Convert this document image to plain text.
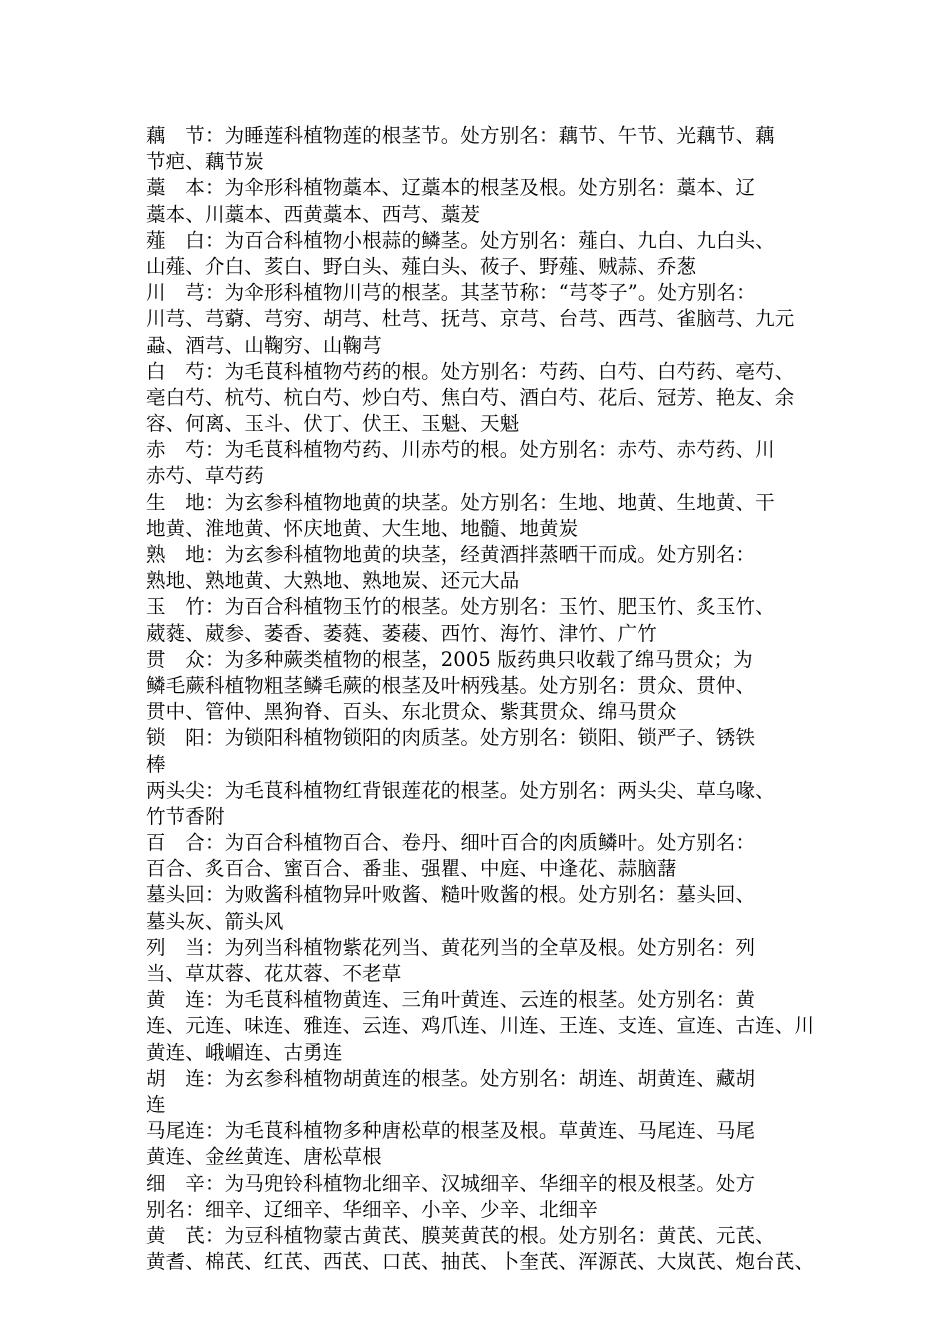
藕　节：为睡莲科植物莲的根茎节。处方别名：藕节、午节、光藕节、藕
节疤、藕节炭
藁　本：为伞形科植物藁本、辽藁本的根茎及根。处方别名：藁本、辽
藁本、川藁本、西黄藁本、西芎、藁茇
薤　白：为百合科植物小根蒜的鳞茎。处方别名：薤白、九白、九白头、
山薤、介白、荄白、野白头、薤白头、莜子、野薤、贼蒜、乔葱
川　芎：为伞形科植物川芎的根茎。其茎节称：“芎苓子”。处方别名：
川芎、芎藭、芎穷、胡芎、杜芎、抚芎、京芎、台芎、西芎、雀脑芎、九元
蝨、酒芎、山鞠穷、山鞠芎
白　芍：为毛茛科植物芍药的根。处方别名：芍药、白芍、白芍药、亳芍、
亳白芍、杭芍、杭白芍、炒白芍、焦白芍、酒白芍、花后、冠芳、艳友、余
容、何离、玉斗、伏丁、伏王、玉魁、天魁
赤　芍：为毛茛科植物芍药、川赤芍的根。处方别名：赤芍、赤芍药、川
赤芍、草芍药
生　地：为玄参科植物地黄的块茎。处方别名：生地、地黄、生地黄、干
地黄、淮地黄、怀庆地黄、大生地、地髓、地黄炭
熟　地：为玄参科植物地黄的块茎，经黄酒拌蒸晒干而成。处方别名：
熟地、熟地黄、大熟地、熟地炭、还元大品
玉　竹：为百合科植物玉竹的根茎。处方别名：玉竹、肥玉竹、炙玉竹、
葳蕤、葳参、萎香、萎蕤、萎薐、西竹、海竹、津竹、广竹
贯　众：为多种蕨类植物的根茎，2005 版药典只收载了绵马贯众；为
鳞毛蕨科植物粗茎鳞毛蕨的根茎及叶柄残基。处方别名：贯众、贯仲、
贯中、管仲、黑狗脊、百头、东北贯众、紫萁贯众、绵马贯众
锁　阳：为锁阳科植物锁阳的肉质茎。处方别名：锁阳、锁严子、锈铁
棒
两头尖：为毛茛科植物红背银莲花的根茎。处方别名：两头尖、草乌喙、
竹节香附
百　合：为百合科植物百合、卷丹、细叶百合的肉质鳞叶。处方别名：
百合、炙百合、蜜百合、番韭、强瞿、中庭、中逢花、蒜脑藷
墓头回：为败酱科植物异叶败酱、糙叶败酱的根。处方别名：墓头回、
墓头灰、箭头风
列　当：为列当科植物紫花列当、黄花列当的全草及根。处方别名：列
当、草苁蓉、花苁蓉、不老草
黄　连：为毛茛科植物黄连、三角叶黄连、云连的根茎。处方别名：黄
连、元连、味连、雅连、云连、鸡爪连、川连、王连、支连、宣连、古连、川
黄连、峨嵋连、古勇连
胡　连：为玄参科植物胡黄连的根茎。处方别名：胡连、胡黄连、藏胡
连
马尾连：为毛茛科植物多种唐松草的根茎及根。草黄连、马尾连、马尾
黄连、金丝黄连、唐松草根
细　辛：为马兜铃科植物北细辛、汉城细辛、华细辛的根及根茎。处方
别名：细辛、辽细辛、华细辛、小辛、少辛、北细辛
黄　芪：为豆科植物蒙古黄芪、膜荚黄芪的根。处方别名：黄芪、元芪、
黄耆、棉芪、红芪、西芪、口芪、抽芪、卜奎芪、浑源芪、大岚芪、炮台芪、
